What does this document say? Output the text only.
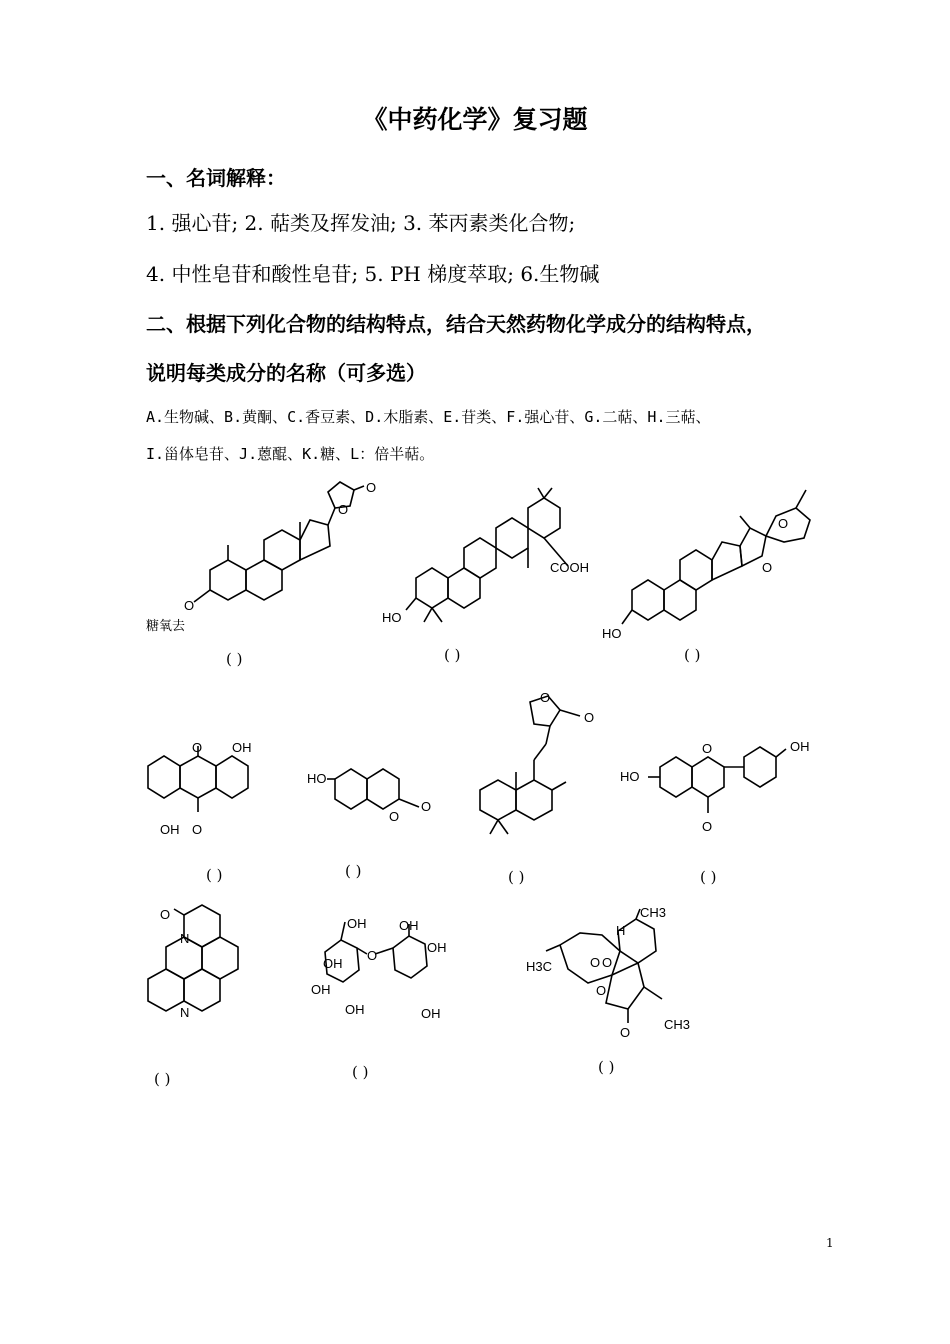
《中药化学》复习题
一、名词解释：
1. 强心苷; 2. 萜类及挥发油; 3. 苯丙素类化合物;
4. 中性皂苷和酸性皂苷; 5. PH 梯度萃取; 6.生物碱
二、根据下列化合物的结构特点，结合天然药物化学成分的结构特点，
说明每类成分的名称（可多选）
A.生物碱、B.黄酮、C.香豆素、D.木脂素、E.苷类、F.强心苷、G.二萜、H.三萜、
I.甾体皂苷、J.蒽醌、K.糖、L：倍半萜。
O
O
O
糖氧去
( )
HO
COOH
( )
HO
O
O
( )
O
O
OH
OH
( )
HO
O
O
( )
O
O
( )
HO
OH
O
O
( )
O
N
N
( )
OH	OH
OH
OH
OH
OH	OH
O
( )
CH3
H3C
CH3
H
O O
O
O
( )
1
